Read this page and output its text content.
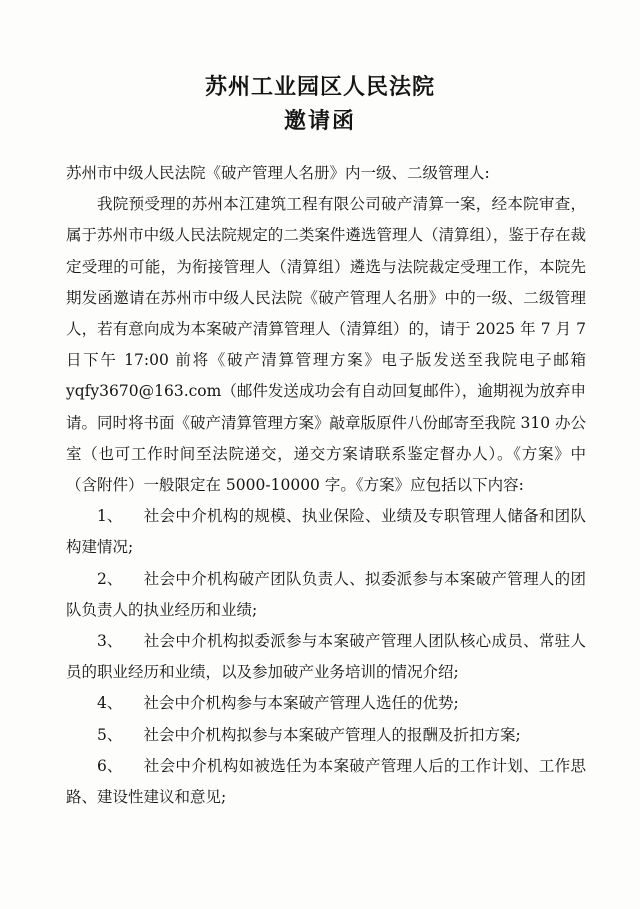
苏州工业园区人民法院
邀请函

苏州市中级人民法院《破产管理人名册》内一级、二级管理人:

我院预受理的苏州本江建筑工程有限公司破产清算一案，经本院审查，属于苏州市中级人民法院规定的二类案件遴选管理人（清算组），鉴于存在裁定受理的可能，为衔接管理人（清算组）遴选与法院裁定受理工作，本院先期发函邀请在苏州市中级人民法院《破产管理人名册》中的一级、二级管理人，若有意向成为本案破产清算管理人（清算组）的，请于 2025 年 7 月 7 日下午 17:00 前将《破产清算管理方案》电子版发送至我院电子邮箱 yqfy3670@163.com（邮件发送成功会有自动回复邮件），逾期视为放弃申请。同时将书面《破产清算管理方案》敲章版原件八份邮寄至我院 310 办公室（也可工作时间至法院递交，递交方案请联系鉴定督办人）。《方案》中（含附件）一般限定在 5000-10000 字。《方案》应包括以下内容:

1、 社会中介机构的规模、执业保险、业绩及专职管理人储备和团队构建情况;

2、 社会中介机构破产团队负责人、拟委派参与本案破产管理人的团队负责人的执业经历和业绩;

3、 社会中介机构拟委派参与本案破产管理人团队核心成员、常驻人员的职业经历和业绩，以及参加破产业务培训的情况介绍;

4、 社会中介机构参与本案破产管理人选任的优势;

5、 社会中介机构拟参与本案破产管理人的报酬及折扣方案;

6、 社会中介机构如被选任为本案破产管理人后的工作计划、工作思路、建设性建议和意见;
